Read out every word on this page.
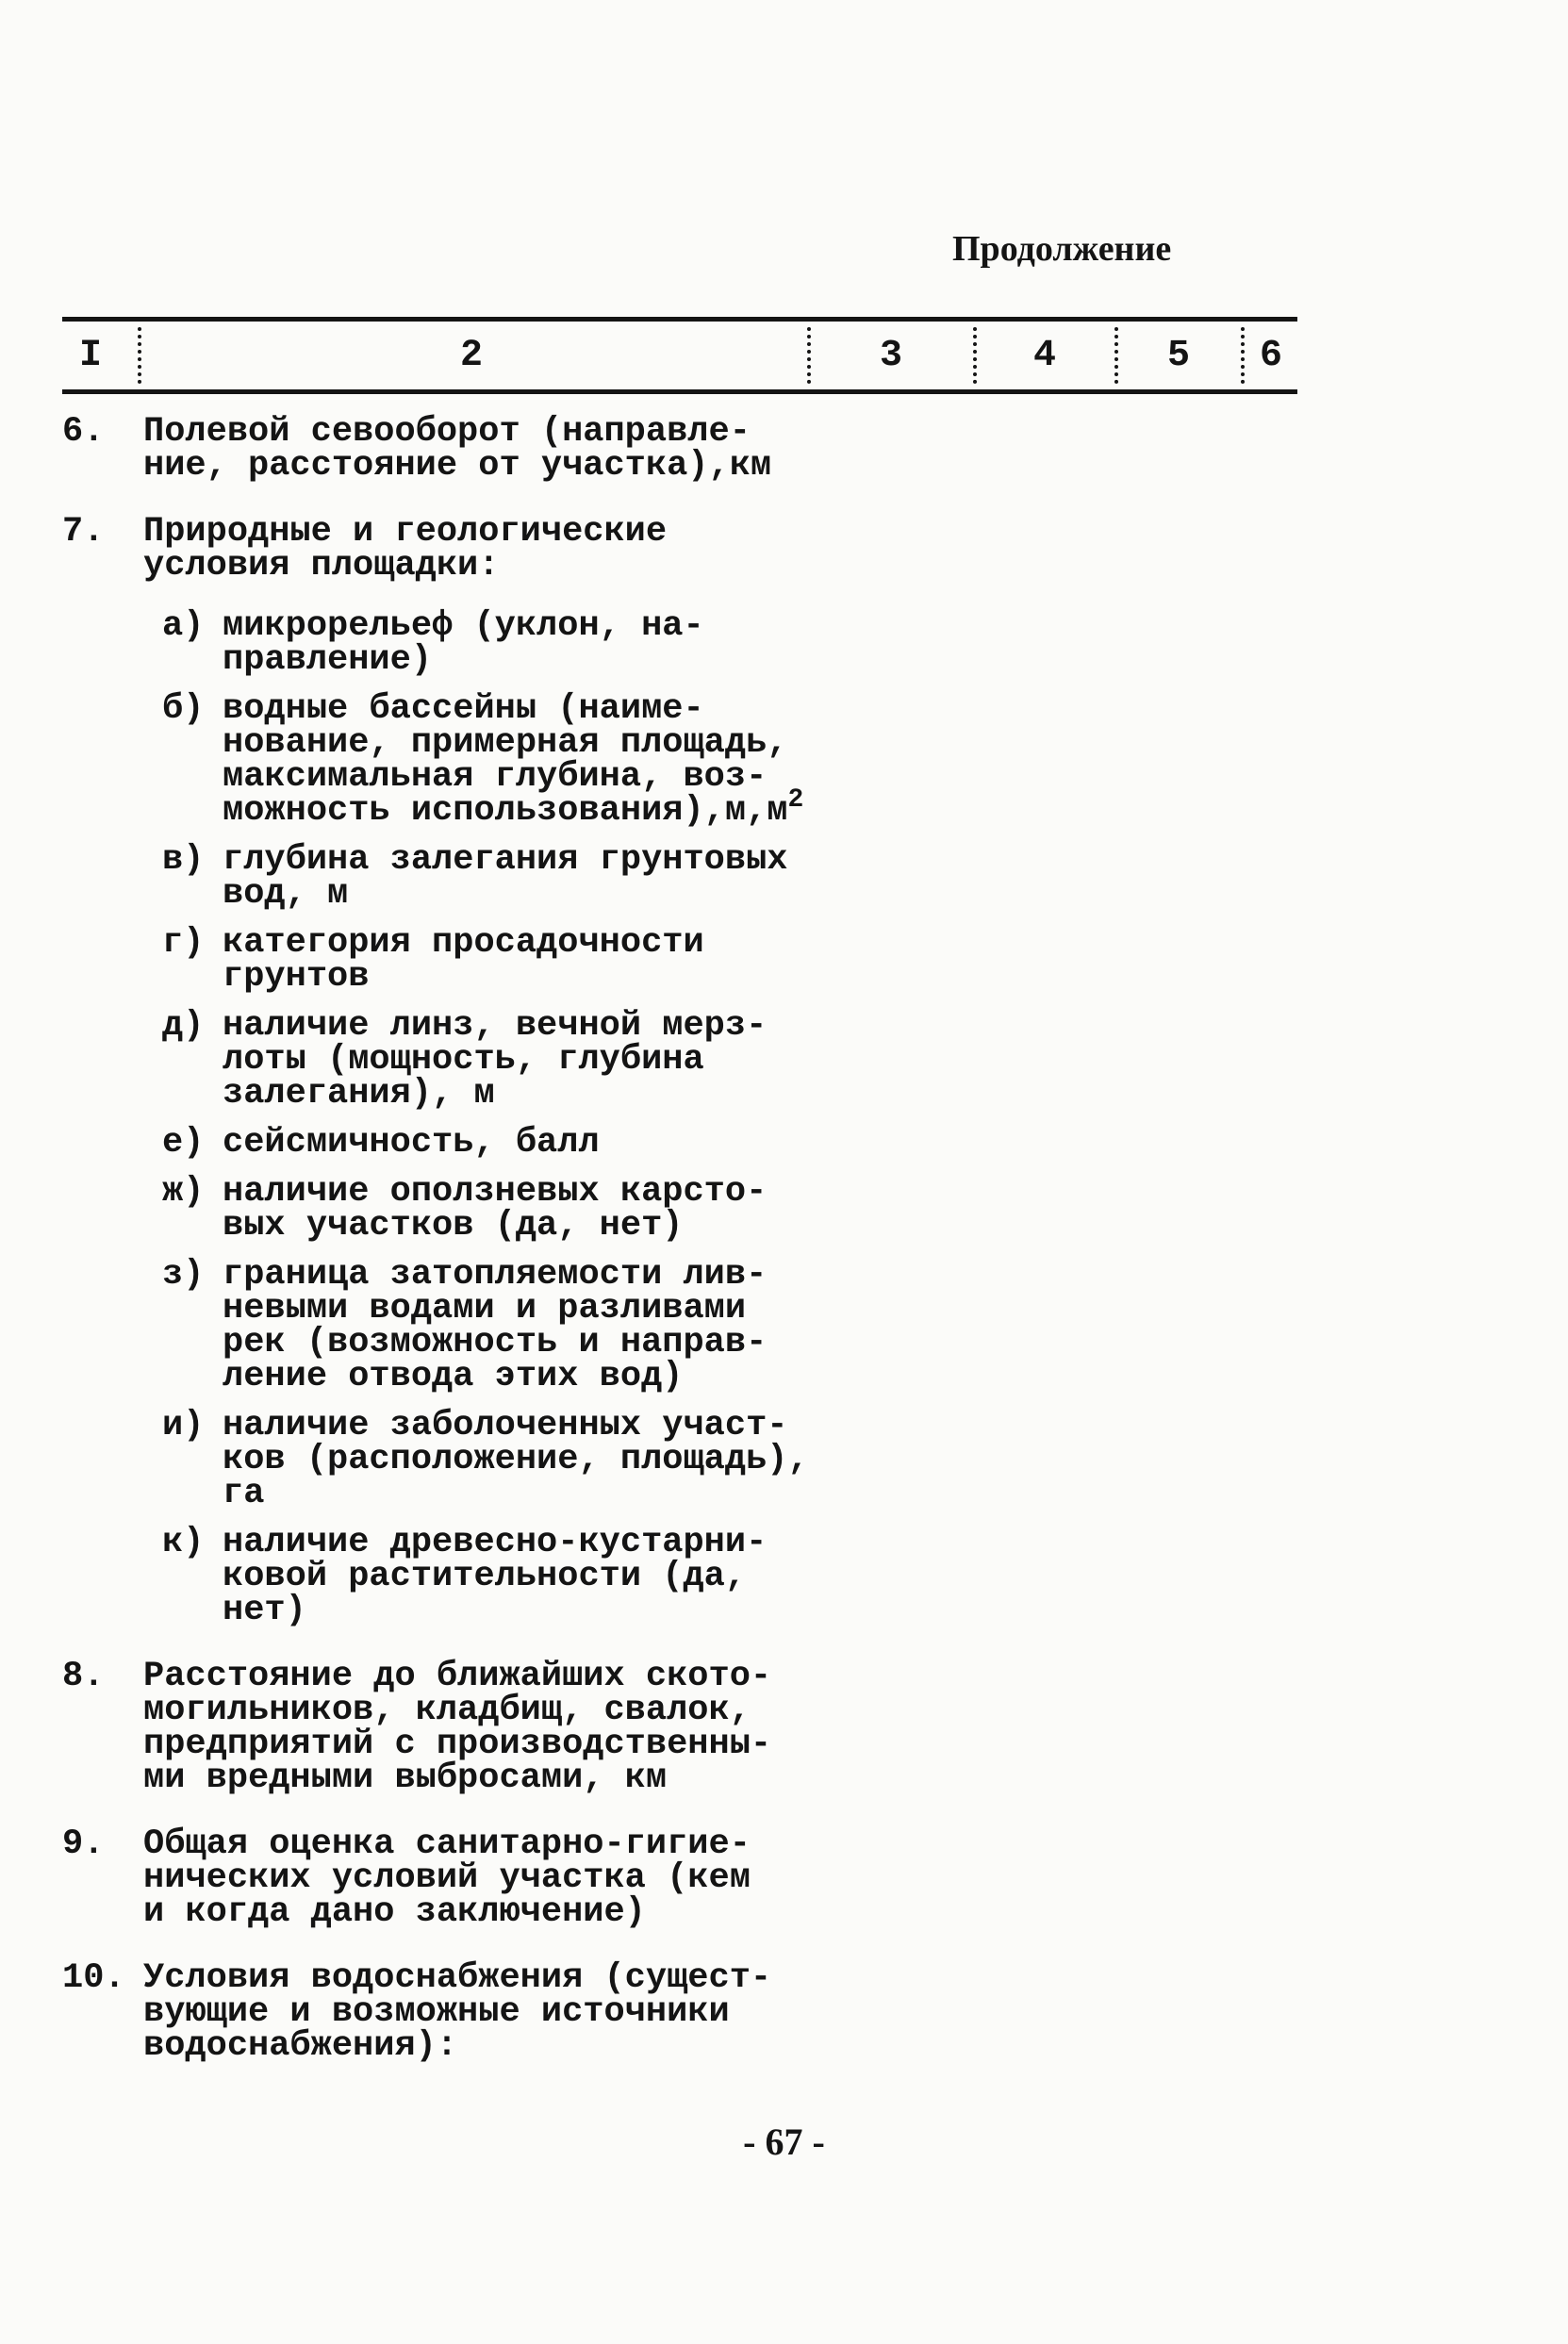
Продолжение
I	2	3	4	5	6
6. Полевой севооборот (направле-
ние, расстояние от участка),км
7. Природные и геологические
условия площадки:
а) микрорельеф (уклон, на-
правление)
б) водные бассейны (наиме-
нование, примерная площадь,
максимальная глубина, воз-
можность $использования),м,м^2$
в) глубина залегания грунтовых
вод, м
г) категория просадочности
грунтов
д) наличие линз, вечной мерз-
лоты (мощность, глубина
залегания), м
е) сейсмичность, балл
ж) наличие оползневых карсто-
вых участков (да, нет)
з) граница затопляемости лив-
невыми водами и разливами
рек (возможность и направ-
ление отвода этих вод)
и) наличие заболоченных участ-
ков (расположение, площадь),
га
к) наличие древесно-кустарни-
ковой растительности (да,
нет)
8. Расстояние до ближайших ското-
могильников, кладбищ, свалок,
предприятий с производственны-
ми вредными выбросами, км
9. Общая оценка санитарно-гигие-
нических условий участка (кем
и когда дано заключение)
10. Условия водоснабжения (сущест-
вующие и возможные источники
водоснабжения):
- 67 -
